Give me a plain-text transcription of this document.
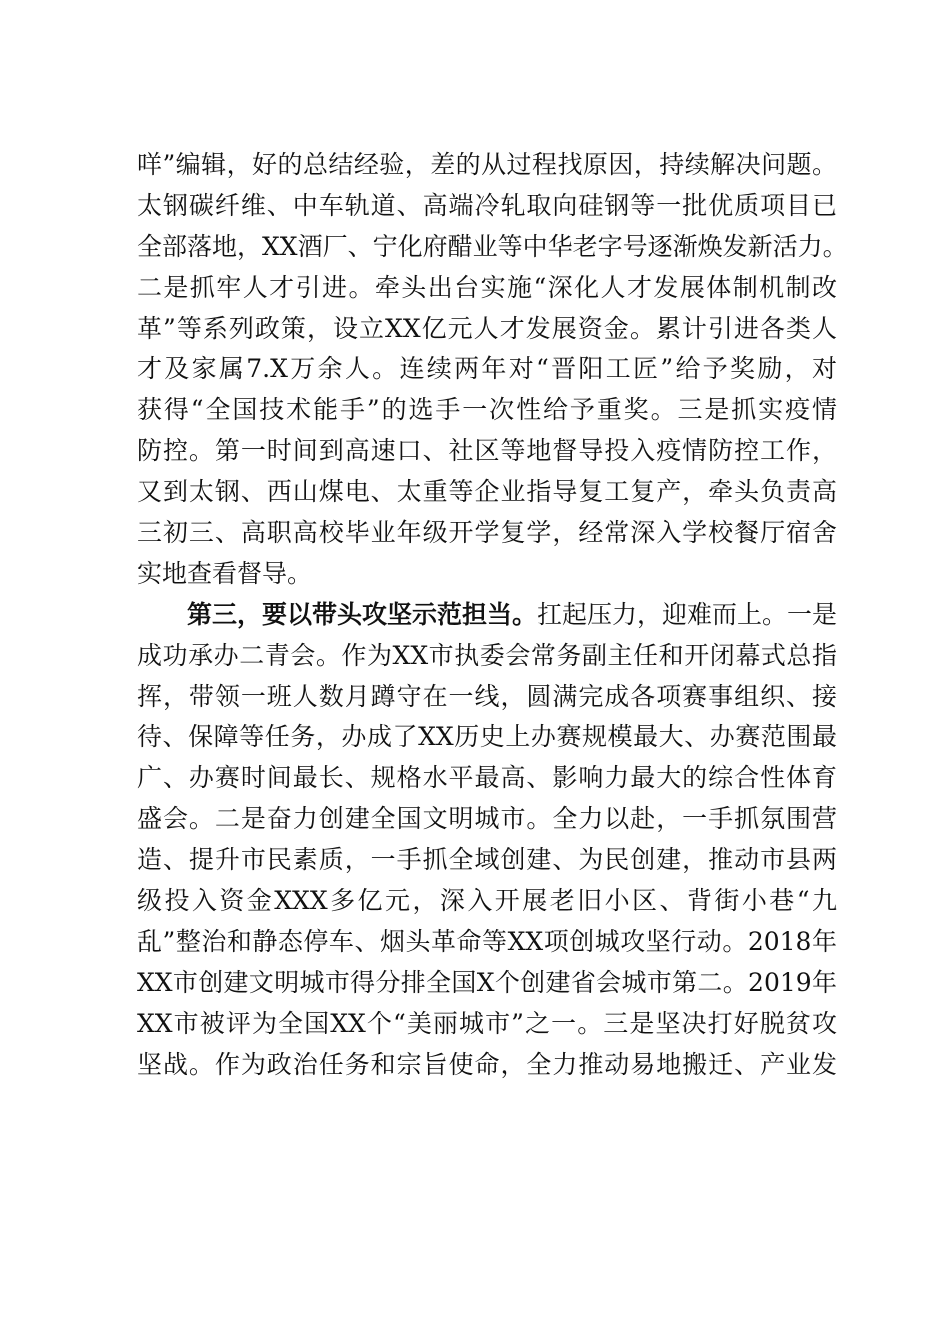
咩”编辑，好的总结经验，差的从过程找原因，持续解决问题。
太钢碳纤维、中车轨道、高端冷轧取向硅钢等一批优质项目已
全部落地，XX酒厂、宁化府醋业等中华老字号逐渐焕发新活力。
二是抓牢人才引进。牵头出台实施“深化人才发展体制机制改
革”等系列政策，设立XX亿元人才发展资金。累计引进各类人
才及家属7.X万余人。连续两年对“晋阳工匠”给予奖励，对
获得“全国技术能手”的选手一次性给予重奖。三是抓实疫情
防控。第一时间到高速口、社区等地督导投入疫情防控工作，
又到太钢、西山煤电、太重等企业指导复工复产，牵头负责高
三初三、高职高校毕业年级开学复学，经常深入学校餐厅宿舍
实地查看督导。
第三，要以带头攻坚示范担当。扛起压力，迎难而上。一是
成功承办二青会。作为XX市执委会常务副主任和开闭幕式总指
挥，带领一班人数月蹲守在一线，圆满完成各项赛事组织、接
待、保障等任务，办成了XX历史上办赛规模最大、办赛范围最
广、办赛时间最长、规格水平最高、影响力最大的综合性体育
盛会。二是奋力创建全国文明城市。全力以赴，一手抓氛围营
造、提升市民素质，一手抓全域创建、为民创建，推动市县两
级投入资金XXX多亿元，深入开展老旧小区、背街小巷“九
乱”整治和静态停车、烟头革命等XX项创城攻坚行动。2018年
XX市创建文明城市得分排全国X个创建省会城市第二。2019年
XX市被评为全国XX个“美丽城市”之一。三是坚决打好脱贫攻
坚战。作为政治任务和宗旨使命，全力推动易地搬迁、产业发
